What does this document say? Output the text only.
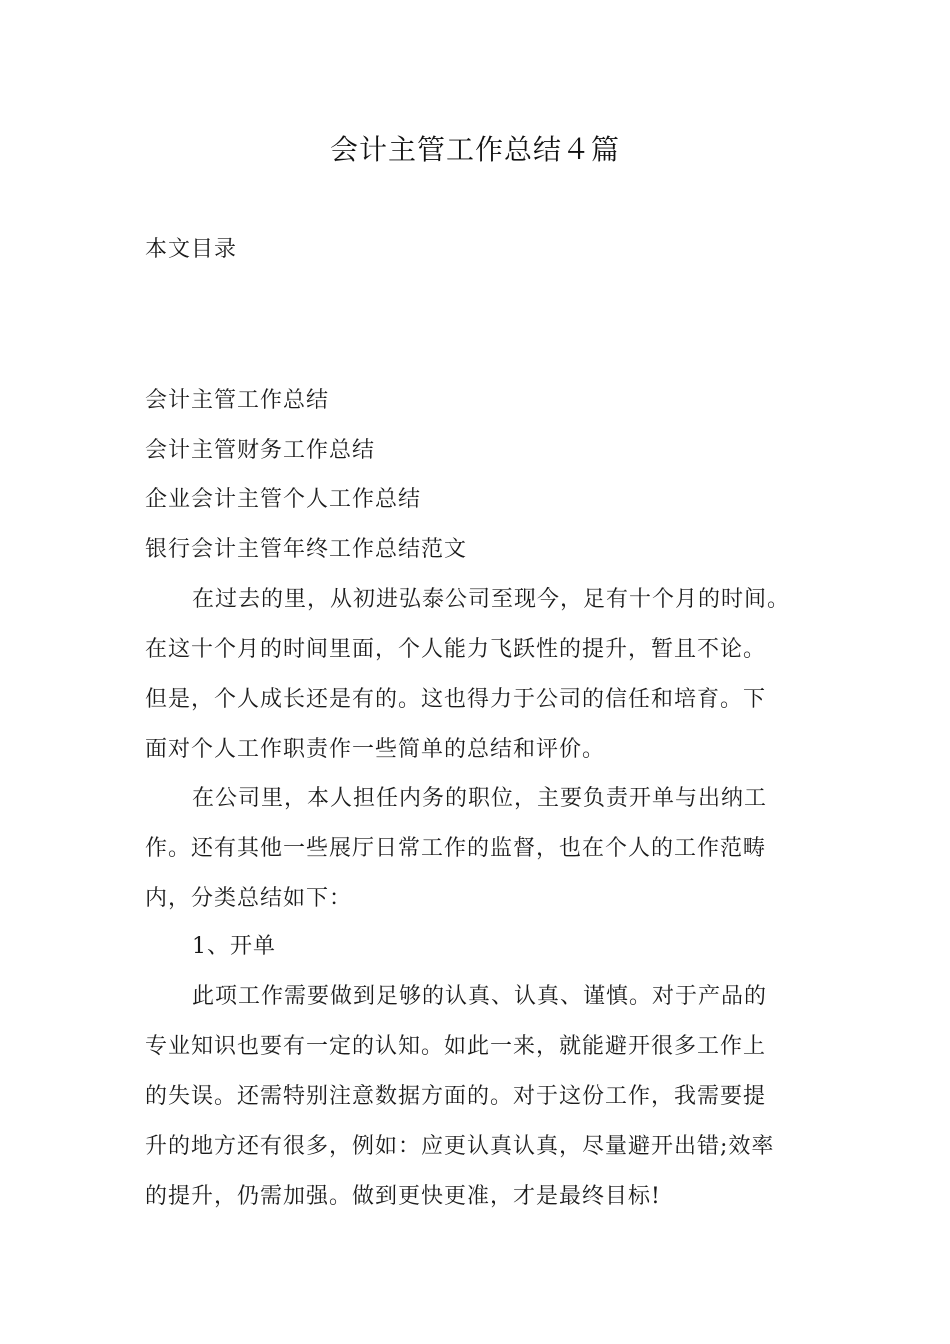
会计主管工作总结４篇
本文目录
会计主管工作总结
会计主管财务工作总结
企业会计主管个人工作总结
银行会计主管年终工作总结范文
在过去的里，从初进弘泰公司至现今，足有十个月的时间。
在这十个月的时间里面，个人能力飞跃性的提升，暂且不论。
但是，个人成长还是有的。这也得力于公司的信任和培育。下
面对个人工作职责作一些简单的总结和评价。
在公司里，本人担任内务的职位，主要负责开单与出纳工
作。还有其他一些展厅日常工作的监督，也在个人的工作范畴
内，分类总结如下：
1、开单
此项工作需要做到足够的认真、认真、谨慎。对于产品的
专业知识也要有一定的认知。如此一来，就能避开很多工作上
的失误。还需特别注意数据方面的。对于这份工作，我需要提
升的地方还有很多，例如：应更认真认真，尽量避开出错;效率
的提升，仍需加强。做到更快更准，才是最终目标!
